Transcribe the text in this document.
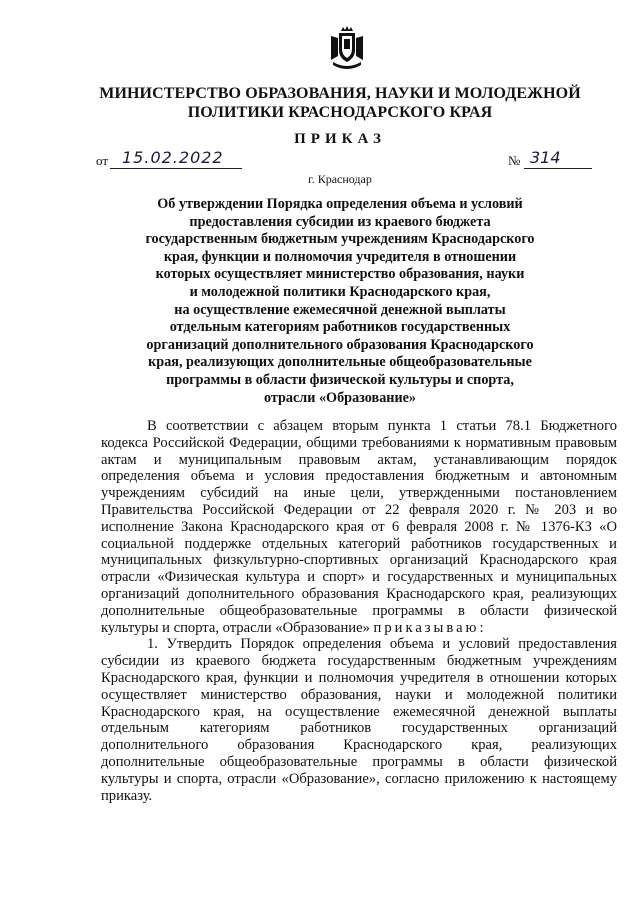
МИНИСТЕРСТВО ОБРАЗОВАНИЯ, НАУКИ И МОЛОДЕЖНОЙ
ПОЛИТИКИ КРАСНОДАРСКОГО КРАЯ
ПРИКАЗ
от 15.02.2022	№ 314
г. Краснодар
Об утверждении Порядка определения объема и условий
предоставления субсидии из краевого бюджета
государственным бюджетным учреждениям Краснодарского
края, функции и полномочия учредителя в отношении
которых осуществляет министерство образования, науки
и молодежной политики Краснодарского края,
на осуществление ежемесячной денежной выплаты
отдельным категориям работников государственных
организаций дополнительного образования Краснодарского
края, реализующих дополнительные общеобразовательные
программы в области физической культуры и спорта,
отрасли «Образование»

В соответствии с абзацем вторым пункта 1 статьи 78.1 Бюджетного кодекса Российской Федерации, общими требованиями к нормативным правовым актам и муниципальным правовым актам, устанавливающим порядок определения объема и условия предоставления бюджетным и автономным учреждениям субсидий на иные цели, утвержденными постановлением Правительства Российской Федерации от 22 февраля 2020 г. № 203 и во исполнение Закона Краснодарского края от 6 февраля 2008 г. № 1376-КЗ «О социальной поддержке отдельных категорий работников государственных и муниципальных физкультурно-спортивных организаций Краснодарского края отрасли «Физическая культура и спорт» и государственных и муниципальных организаций дополнительного образования Краснодарского края, реализующих дополнительные общеобразовательные программы в области физической культуры и спорта, отрасли «Образование» приказываю:

1. Утвердить Порядок определения объема и условий предоставления субсидии из краевого бюджета государственным бюджетным учреждениям Краснодарского края, функции и полномочия учредителя в отношении которых осуществляет министерство образования, науки и молодежной политики Краснодарского края, на осуществление ежемесячной денежной выплаты отдельным категориям работников государственных организаций дополнительного образования Краснодарского края, реализующих дополнительные общеобразовательные программы в области физической культуры и спорта, отрасли «Образование», согласно приложению к настоящему приказу.
